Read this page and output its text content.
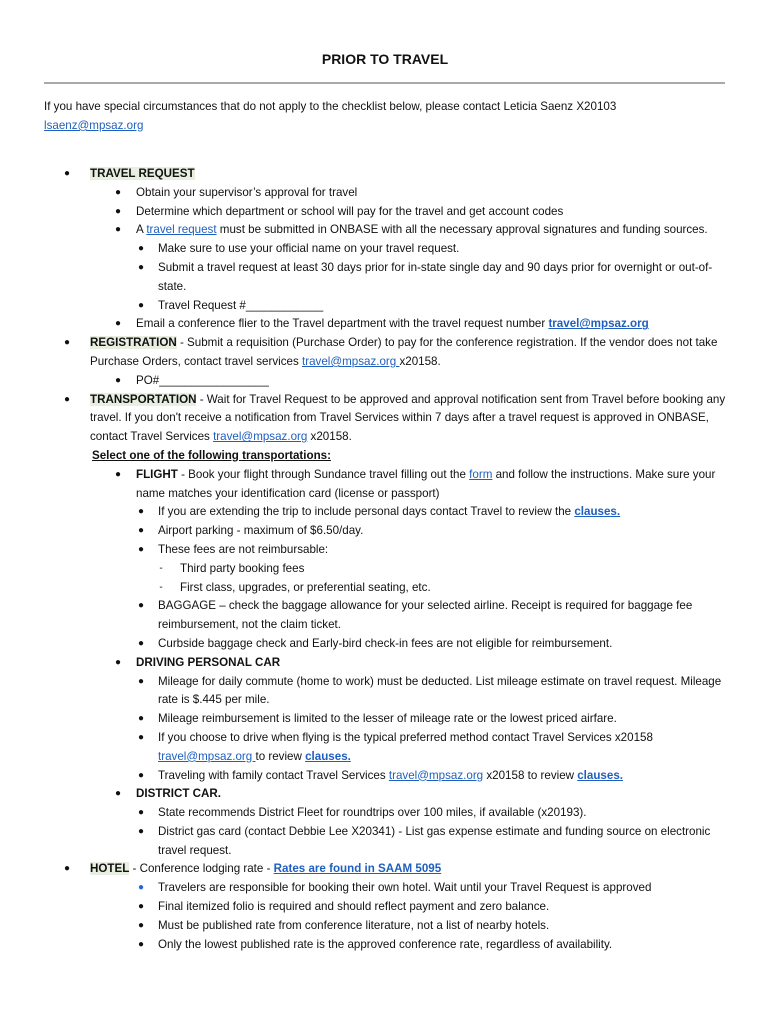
PRIOR TO TRAVEL
If you have special circumstances that do not apply to the checklist below, please contact Leticia Saenz X20103
lsaenz@mpsaz.org
● TRAVEL REQUEST
● Obtain your supervisor’s approval for travel
● Determine which department or school will pay for the travel and get account codes
● A travel request must be submitted in ONBASE with all the necessary approval signatures and funding sources.
● Make sure to use your official name on your travel request.
● Submit a travel request at least 30 days prior for in-state single day and 90 days prior for overnight or out-of-state.
● Travel Request #____________
● Email a conference flier to the Travel department with the travel request number travel@mpsaz.org
● REGISTRATION - Submit a requisition (Purchase Order) to pay for the conference registration. If the vendor does not take Purchase Orders, contact travel services travel@mpsaz.org x20158.
● PO#_________________
● TRANSPORTATION - Wait for Travel Request to be approved and approval notification sent from Travel before booking any travel. If you don't receive a notification from Travel Services within 7 days after a travel request is approved in ONBASE, contact Travel Services travel@mpsaz.org x20158.
Select one of the following transportations:
● FLIGHT - Book your flight through Sundance travel filling out the form and follow the instructions. Make sure your name matches your identification card (license or passport)
● If you are extending the trip to include personal days contact Travel to review the clauses.
● Airport parking - maximum of $6.50/day.
● These fees are not reimbursable:
- Third party booking fees
- First class, upgrades, or preferential seating, etc.
● BAGGAGE – check the baggage allowance for your selected airline. Receipt is required for baggage fee reimbursement, not the claim ticket.
● Curbside baggage check and Early-bird check-in fees are not eligible for reimbursement.
● DRIVING PERSONAL CAR
● Mileage for daily commute (home to work) must be deducted. List mileage estimate on travel request. Mileage rate is $.445 per mile.
● Mileage reimbursement is limited to the lesser of mileage rate or the lowest priced airfare.
● If you choose to drive when flying is the typical preferred method contact Travel Services x20158 travel@mpsaz.org to review clauses.
● Traveling with family contact Travel Services travel@mpsaz.org x20158 to review clauses.
● DISTRICT CAR.
● State recommends District Fleet for roundtrips over 100 miles, if available (x20193).
● District gas card (contact Debbie Lee X20341) - List gas expense estimate and funding source on electronic travel request.
● HOTEL - Conference lodging rate - Rates are found in SAAM 5095
● Travelers are responsible for booking their own hotel. Wait until your Travel Request is approved
● Final itemized folio is required and should reflect payment and zero balance.
● Must be published rate from conference literature, not a list of nearby hotels.
● Only the lowest published rate is the approved conference rate, regardless of availability.
